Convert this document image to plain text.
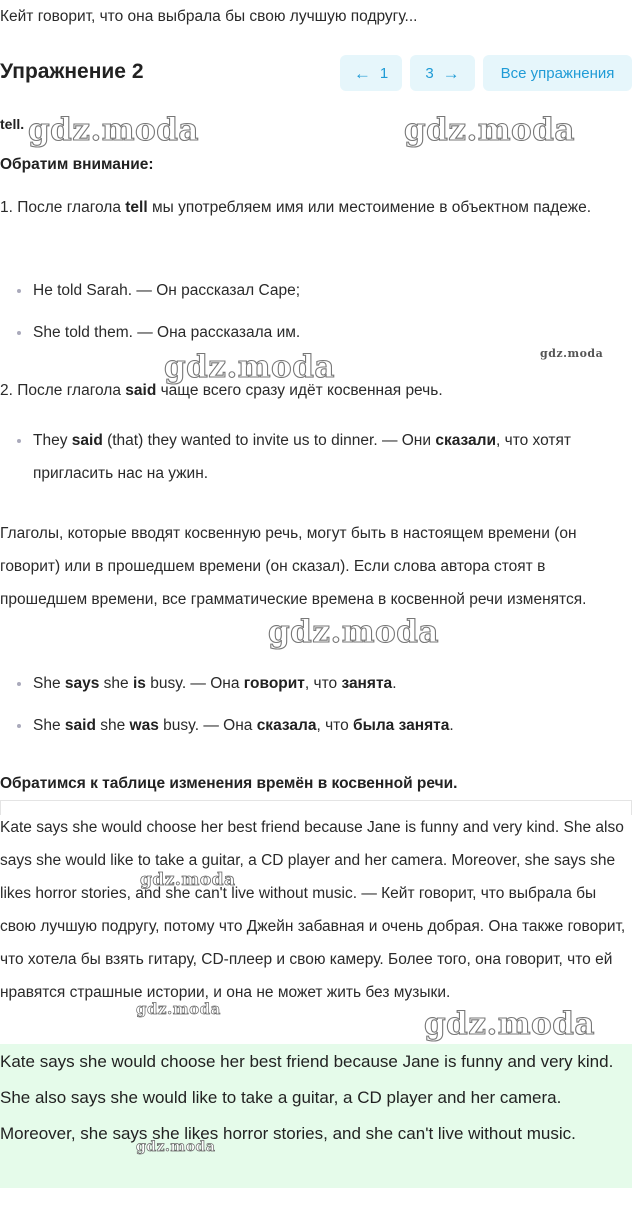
Кейт говорит, что она выбрала бы свою лучшую подругу...
Упражнение 2	← 1 3 →	Все упражнения
tell.
Обратим внимание:

1. После глагола tell мы употребляем имя или местоимение в объектном падеже.

He told Sarah. — Он рассказал Саре;
She told them. — Она рассказала им.

2. После глагола said чаще всего сразу идёт косвенная речь.

They said (that) they wanted to invite us to dinner. — Они сказали, что хотят пригласить нас на ужин.

Глаголы, которые вводят косвенную речь, могут быть в настоящем времени (он говорит) или в прошедшем времени (он сказал). Если слова автора стоят в прошедшем времени, все грамматические времена в косвенной речи изменятся.

She says she is busy. — Она говорит, что занята.
She said she was busy. — Она сказала, что была занята.
Обратимся к таблице изменения времён в косвенной речи.

Kate says she would choose her best friend because Jane is funny and very kind. She also says she would like to take a guitar, a CD player and her camera. Moreover, she says she likes horror stories, and she can't live without music. — Кейт говорит, что выбрала бы свою лучшую подругу, потому что Джейн забавная и очень добрая. Она также говорит, что хотела бы взять гитару, CD-плеер и свою камеру. Более того, она говорит, что ей нравятся страшные истории, и она не может жить без музыки.

Kate says she would choose her best friend because Jane is funny and very kind. She also says she would like to take a guitar, a CD player and her camera. Moreover, she says she likes horror stories, and she can't live without music.

gdz.moda	gdz.moda
gdz.moda	gdz.moda
gdz.moda
gdz.moda
gdz.moda	gdz.moda
gdz.moda
